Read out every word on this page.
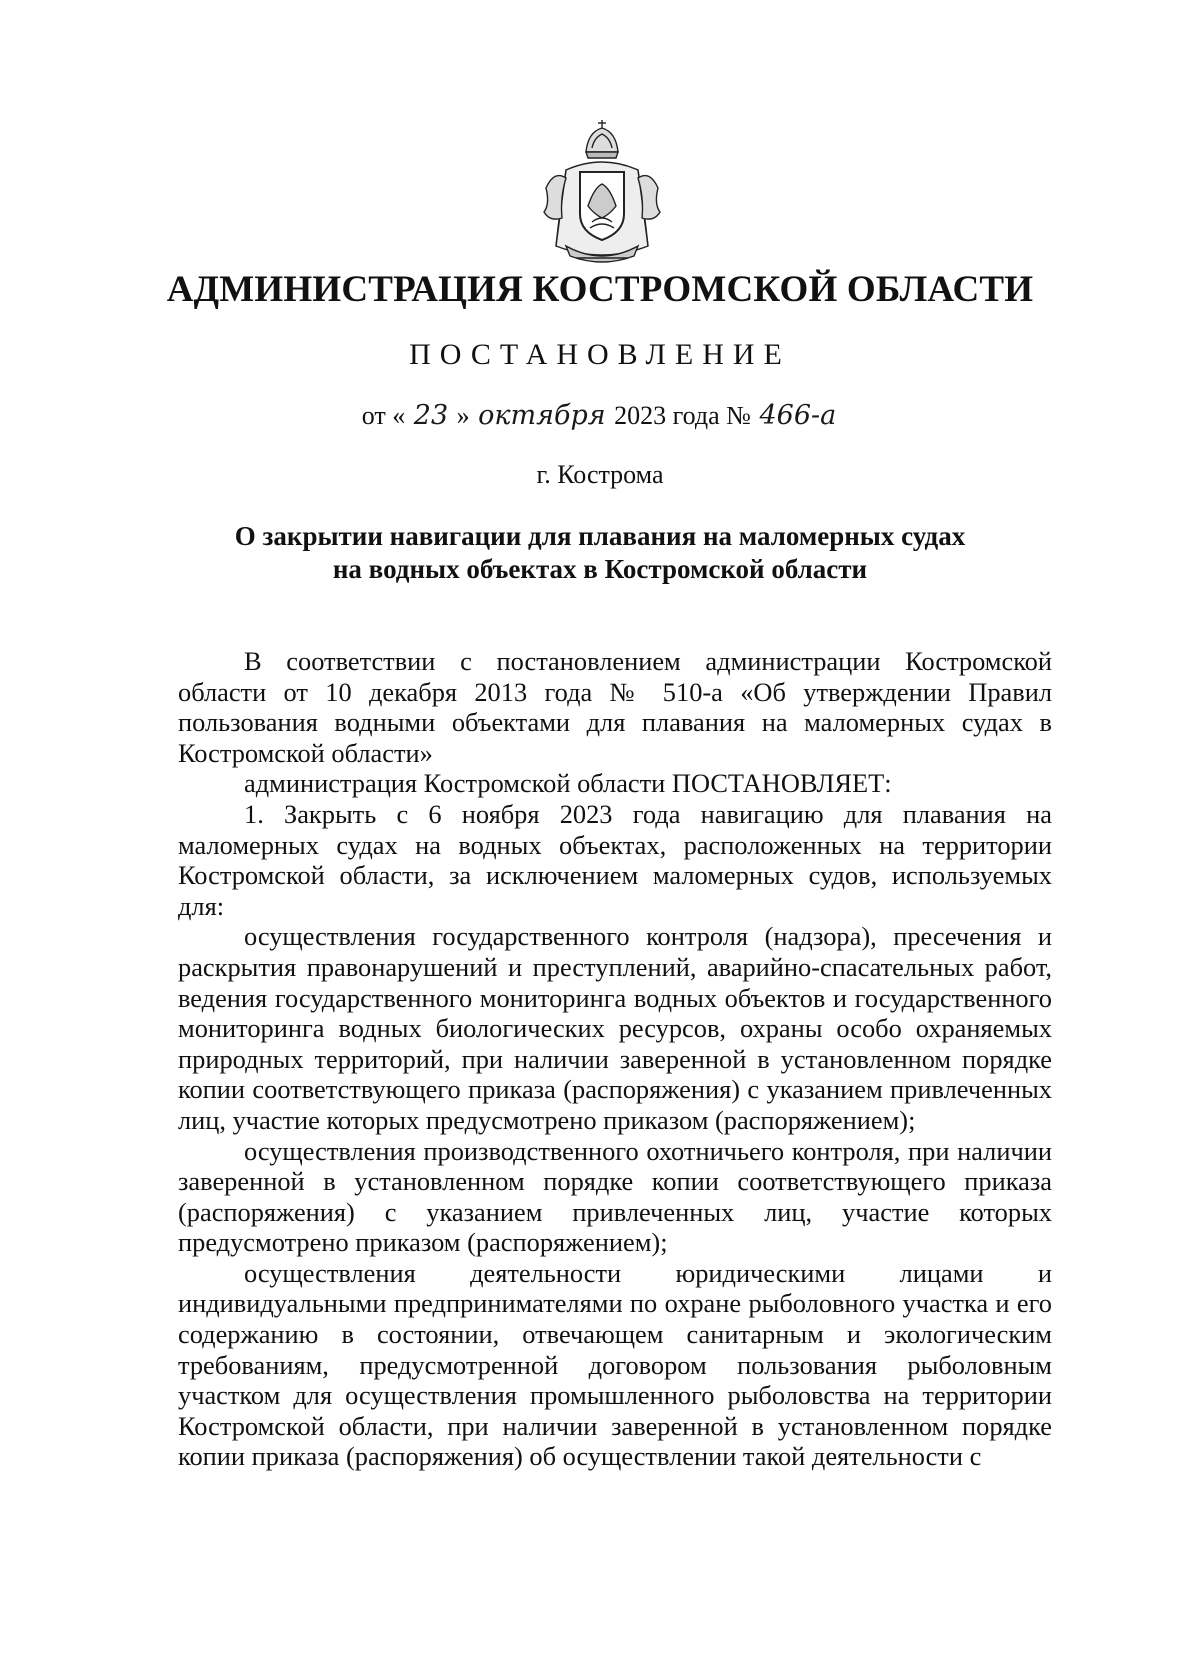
АДМИНИСТРАЦИЯ КОСТРОМСКОЙ ОБЛАСТИ
ПОСТАНОВЛЕНИЕ
от « 23 » октября 2023 года № 466-а
г. Кострома
О закрытии навигации для плавания на маломерных судах
на водных объектах в Костромской области

В соответствии с постановлением администрации Костромской области от 10 декабря 2013 года № 510-а «Об утверждении Правил пользования водными объектами для плавания на маломерных судах в Костромской области»

администрация Костромской области ПОСТАНОВЛЯЕТ:

1. Закрыть с 6 ноября 2023 года навигацию для плавания на маломерных судах на водных объектах, расположенных на территории Костромской области, за исключением маломерных судов, используемых для:

осуществления государственного контроля (надзора), пресечения и раскрытия правонарушений и преступлений, аварийно-спасательных работ, ведения государственного мониторинга водных объектов и государственного мониторинга водных биологических ресурсов, охраны особо охраняемых природных территорий, при наличии заверенной в установленном порядке копии соответствующего приказа (распоряжения) с указанием привлеченных лиц, участие которых предусмотрено приказом (распоряжением);

осуществления производственного охотничьего контроля, при наличии заверенной в установленном порядке копии соответствующего приказа (распоряжения) с указанием привлеченных лиц, участие которых предусмотрено приказом (распоряжением);

осуществления деятельности юридическими лицами и индивидуальными предпринимателями по охране рыболовного участка и его содержанию в состоянии, отвечающем санитарным и экологическим требованиям, предусмотренной договором пользования рыболовным участком для осуществления промышленного рыболовства на территории Костромской области, при наличии заверенной в установленном порядке копии приказа (распоряжения) об осуществлении такой деятельности с
